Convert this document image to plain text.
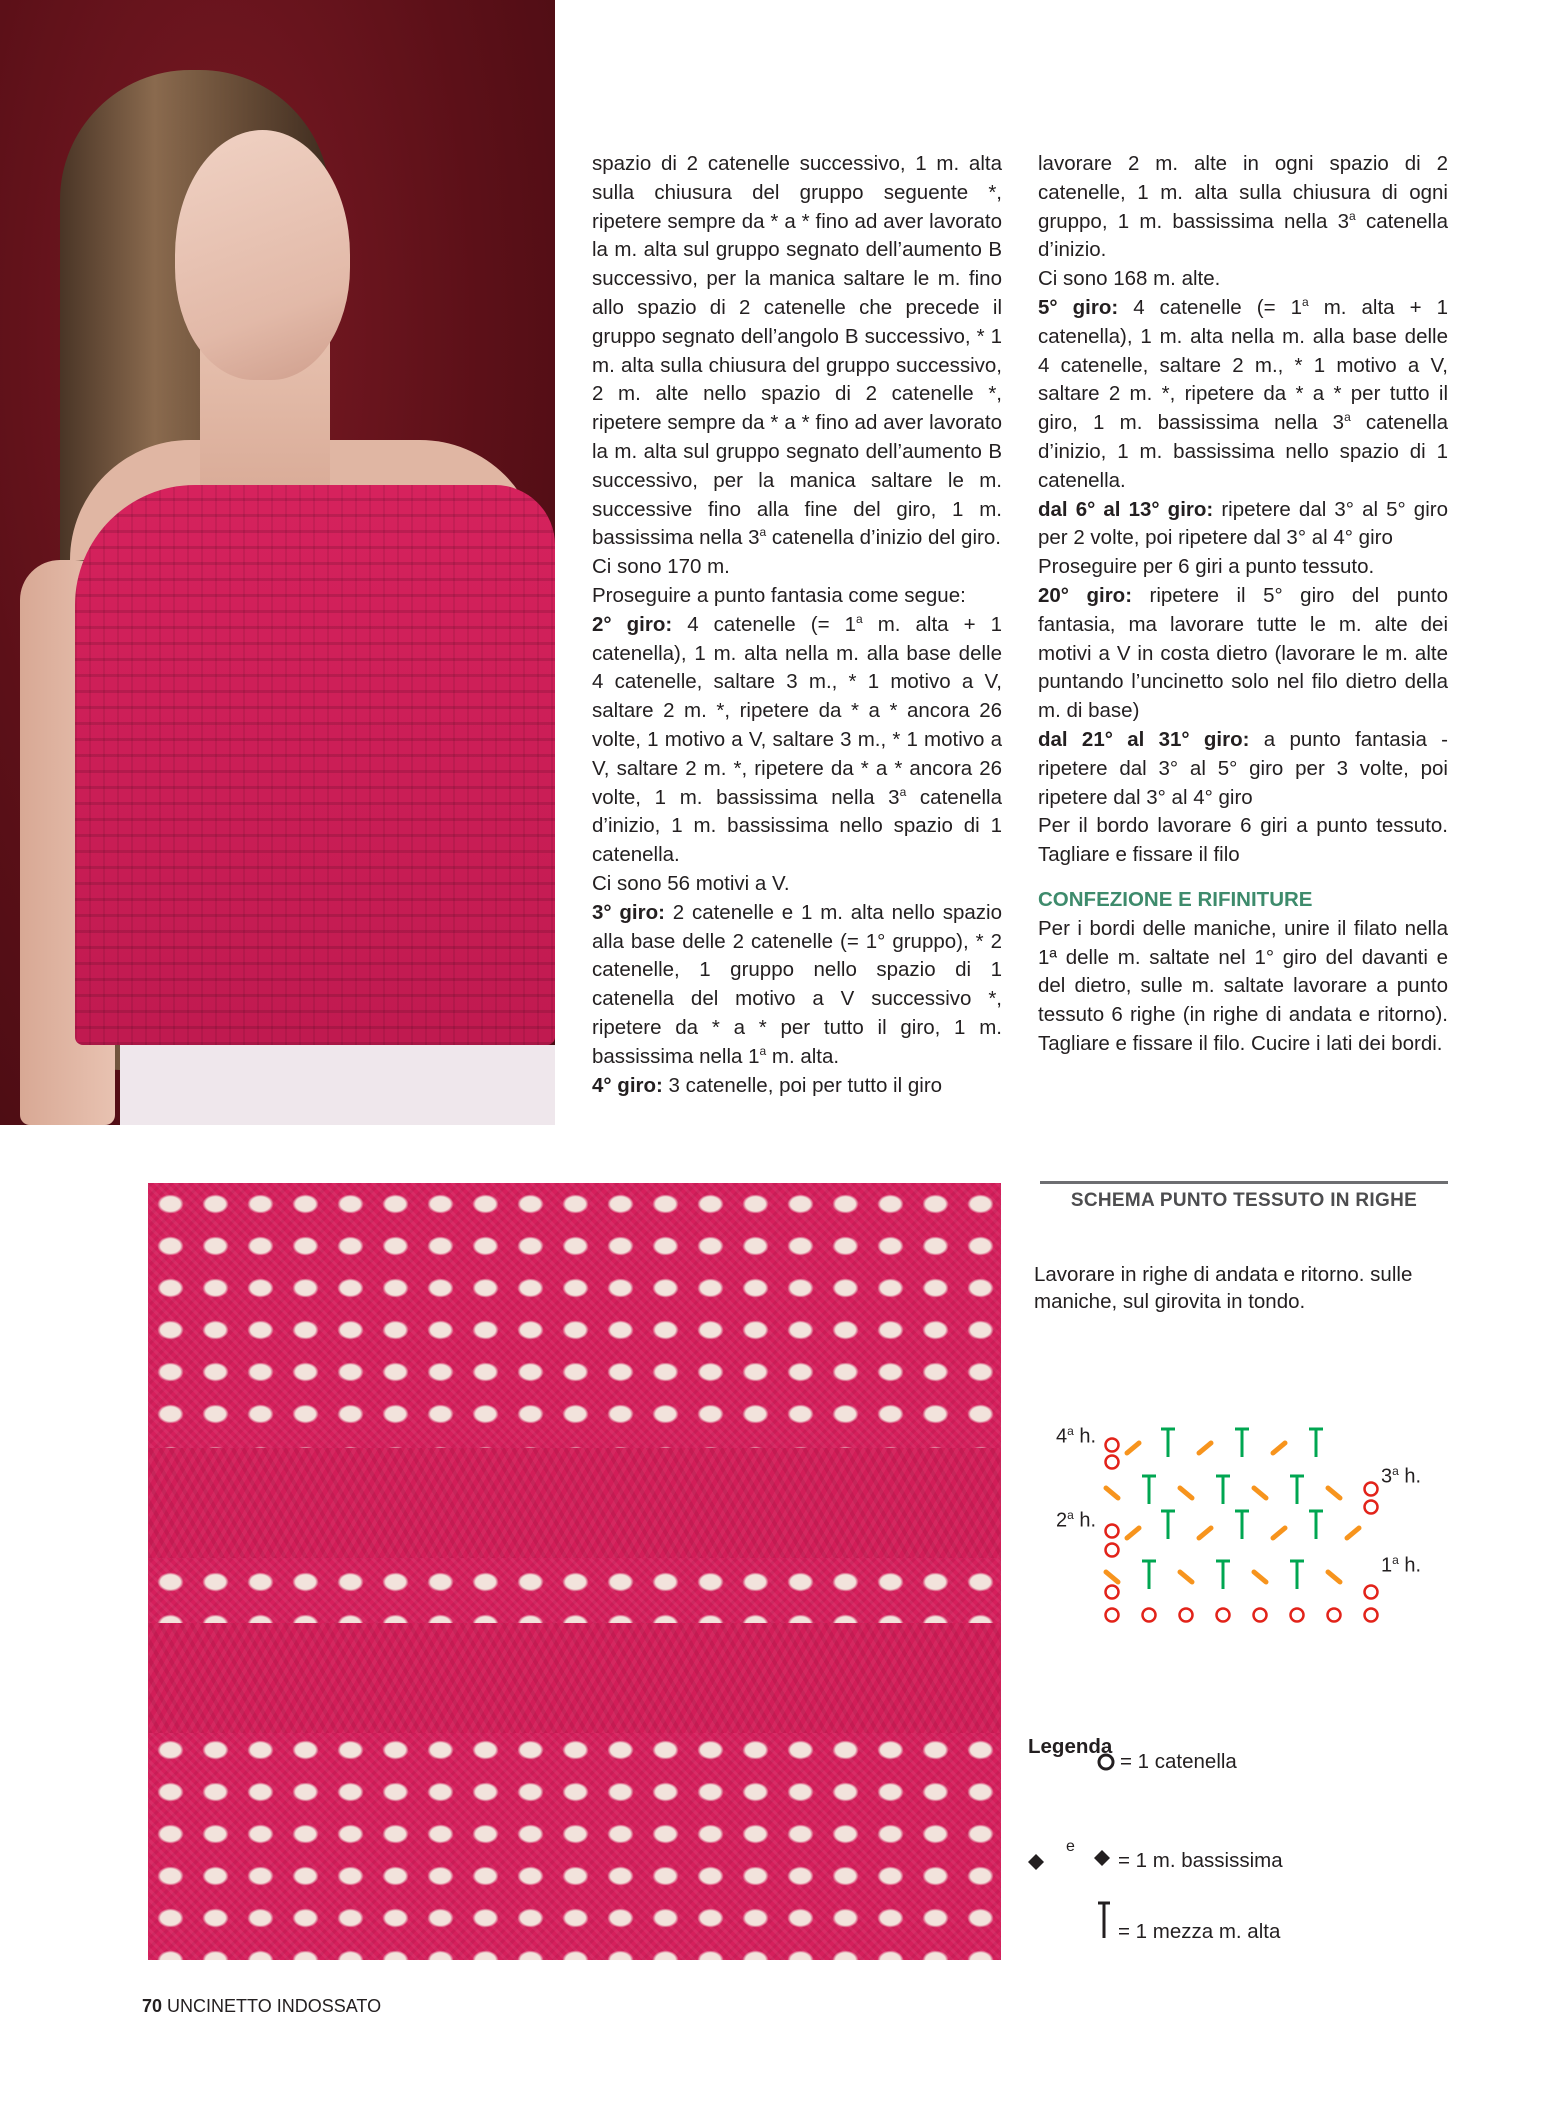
spazio di 2 catenelle successivo, 1 m. alta sulla chiusura del gruppo seguente *, ripetere sempre da * a * fino ad aver lavorato la m. alta sul gruppo segnato dell’aumento B successivo, per la manica saltare le m. fino allo spazio di 2 catenelle che precede il gruppo segnato dell’angolo B successivo, * 1 m. alta sulla chiusura del gruppo successivo, 2 m. alte nello spazio di 2 catenelle *, ripetere sempre da * a * fino ad aver lavorato la m. alta sul gruppo segnato dell’aumento B successivo, per la manica saltare le m. successive fino alla fine del giro, 1 m. bassissima nella 3$^a$ catenella d’inizio del giro.

Ci sono 170 m.

Proseguire a punto fantasia come segue:

2° giro: 4 catenelle (= $1^a$ m. alta + 1 catenella), 1 m. alta nella m. alla base delle 4 catenelle, saltare 3 m., * 1 motivo a V, saltare 2 m. *, ripetere da * a * ancora 26 volte, 1 motivo a V, saltare 3 m., * 1 motivo a V, saltare 2 m. *, ripetere da * a * ancora 26 volte, 1 m. bassissima nella 3$^a$ catenella d’inizio, 1 m. bassissima nello spazio di 1 catenella.

Ci sono 56 motivi a V.

3° giro: 2 catenelle e 1 m. alta nello spazio alla base delle 2 catenelle (= 1° gruppo), * 2 catenelle, 1 gruppo nello spazio di 1 catenella del motivo a V successivo *, ripetere da * a * per tutto il giro, 1 m. bassissima nella 1$^a$ m. alta.

4° giro: 3 catenelle, poi per tutto il giro

lavorare 2 m. alte in ogni spazio di 2 catenelle, 1 m. alta sulla chiusura di ogni gruppo, 1 m. bassissima nella 3$^a$ catenella d’inizio.

Ci sono 168 m. alte.

5° giro: 4 catenelle (= $1^a$ m. alta + 1 catenella), 1 m. alta nella m. alla base delle 4 catenelle, saltare 2 m., * 1 motivo a V, saltare 2 m. *, ripetere da * a * per tutto il giro, 1 m. bassissima nella 3$^a$ catenella d’inizio, 1 m. bassissima nello spazio di 1 catenella.

dal 6° al 13° giro: ripetere dal 3° al 5° giro per 2 volte, poi ripetere dal 3° al 4° giro

Proseguire per 6 giri a punto tessuto.

20° giro: ripetere il 5° giro del punto fantasia, ma lavorare tutte le m. alte dei motivi a V in costa dietro (lavorare le m. alte puntando l’uncinetto solo nel filo dietro della m. di base)

dal 21° al 31° giro: a punto fantasia - ripetere dal 3° al 5° giro per 3 volte, poi ripetere dal 3° al 4° giro

Per il bordo lavorare 6 giri a punto tessuto. Tagliare e fissare il filo

CONFEZIONE E RIFINITURE

Per i bordi delle maniche, unire il filato nella 1ª delle m. saltate nel 1° giro del davanti e del dietro, sulle m. saltate lavorare a punto tessuto 6 righe (in righe di andata e ritorno). Tagliare e fissare il filo. Cucire i lati dei bordi.

SCHEMA PUNTO TESSUTO IN RIGHE
Lavorare in righe di andata e ritorno. sulle maniche, sul girovita in tondo.
4$^a$ h.
3$^a$ h.
2$^a$ h.
1$^a$ h.
Legenda
= 1 catenella
e
= 1 m. bassissima
= 1 mezza m. alta
70 UNCINETTO INDOSSATO
